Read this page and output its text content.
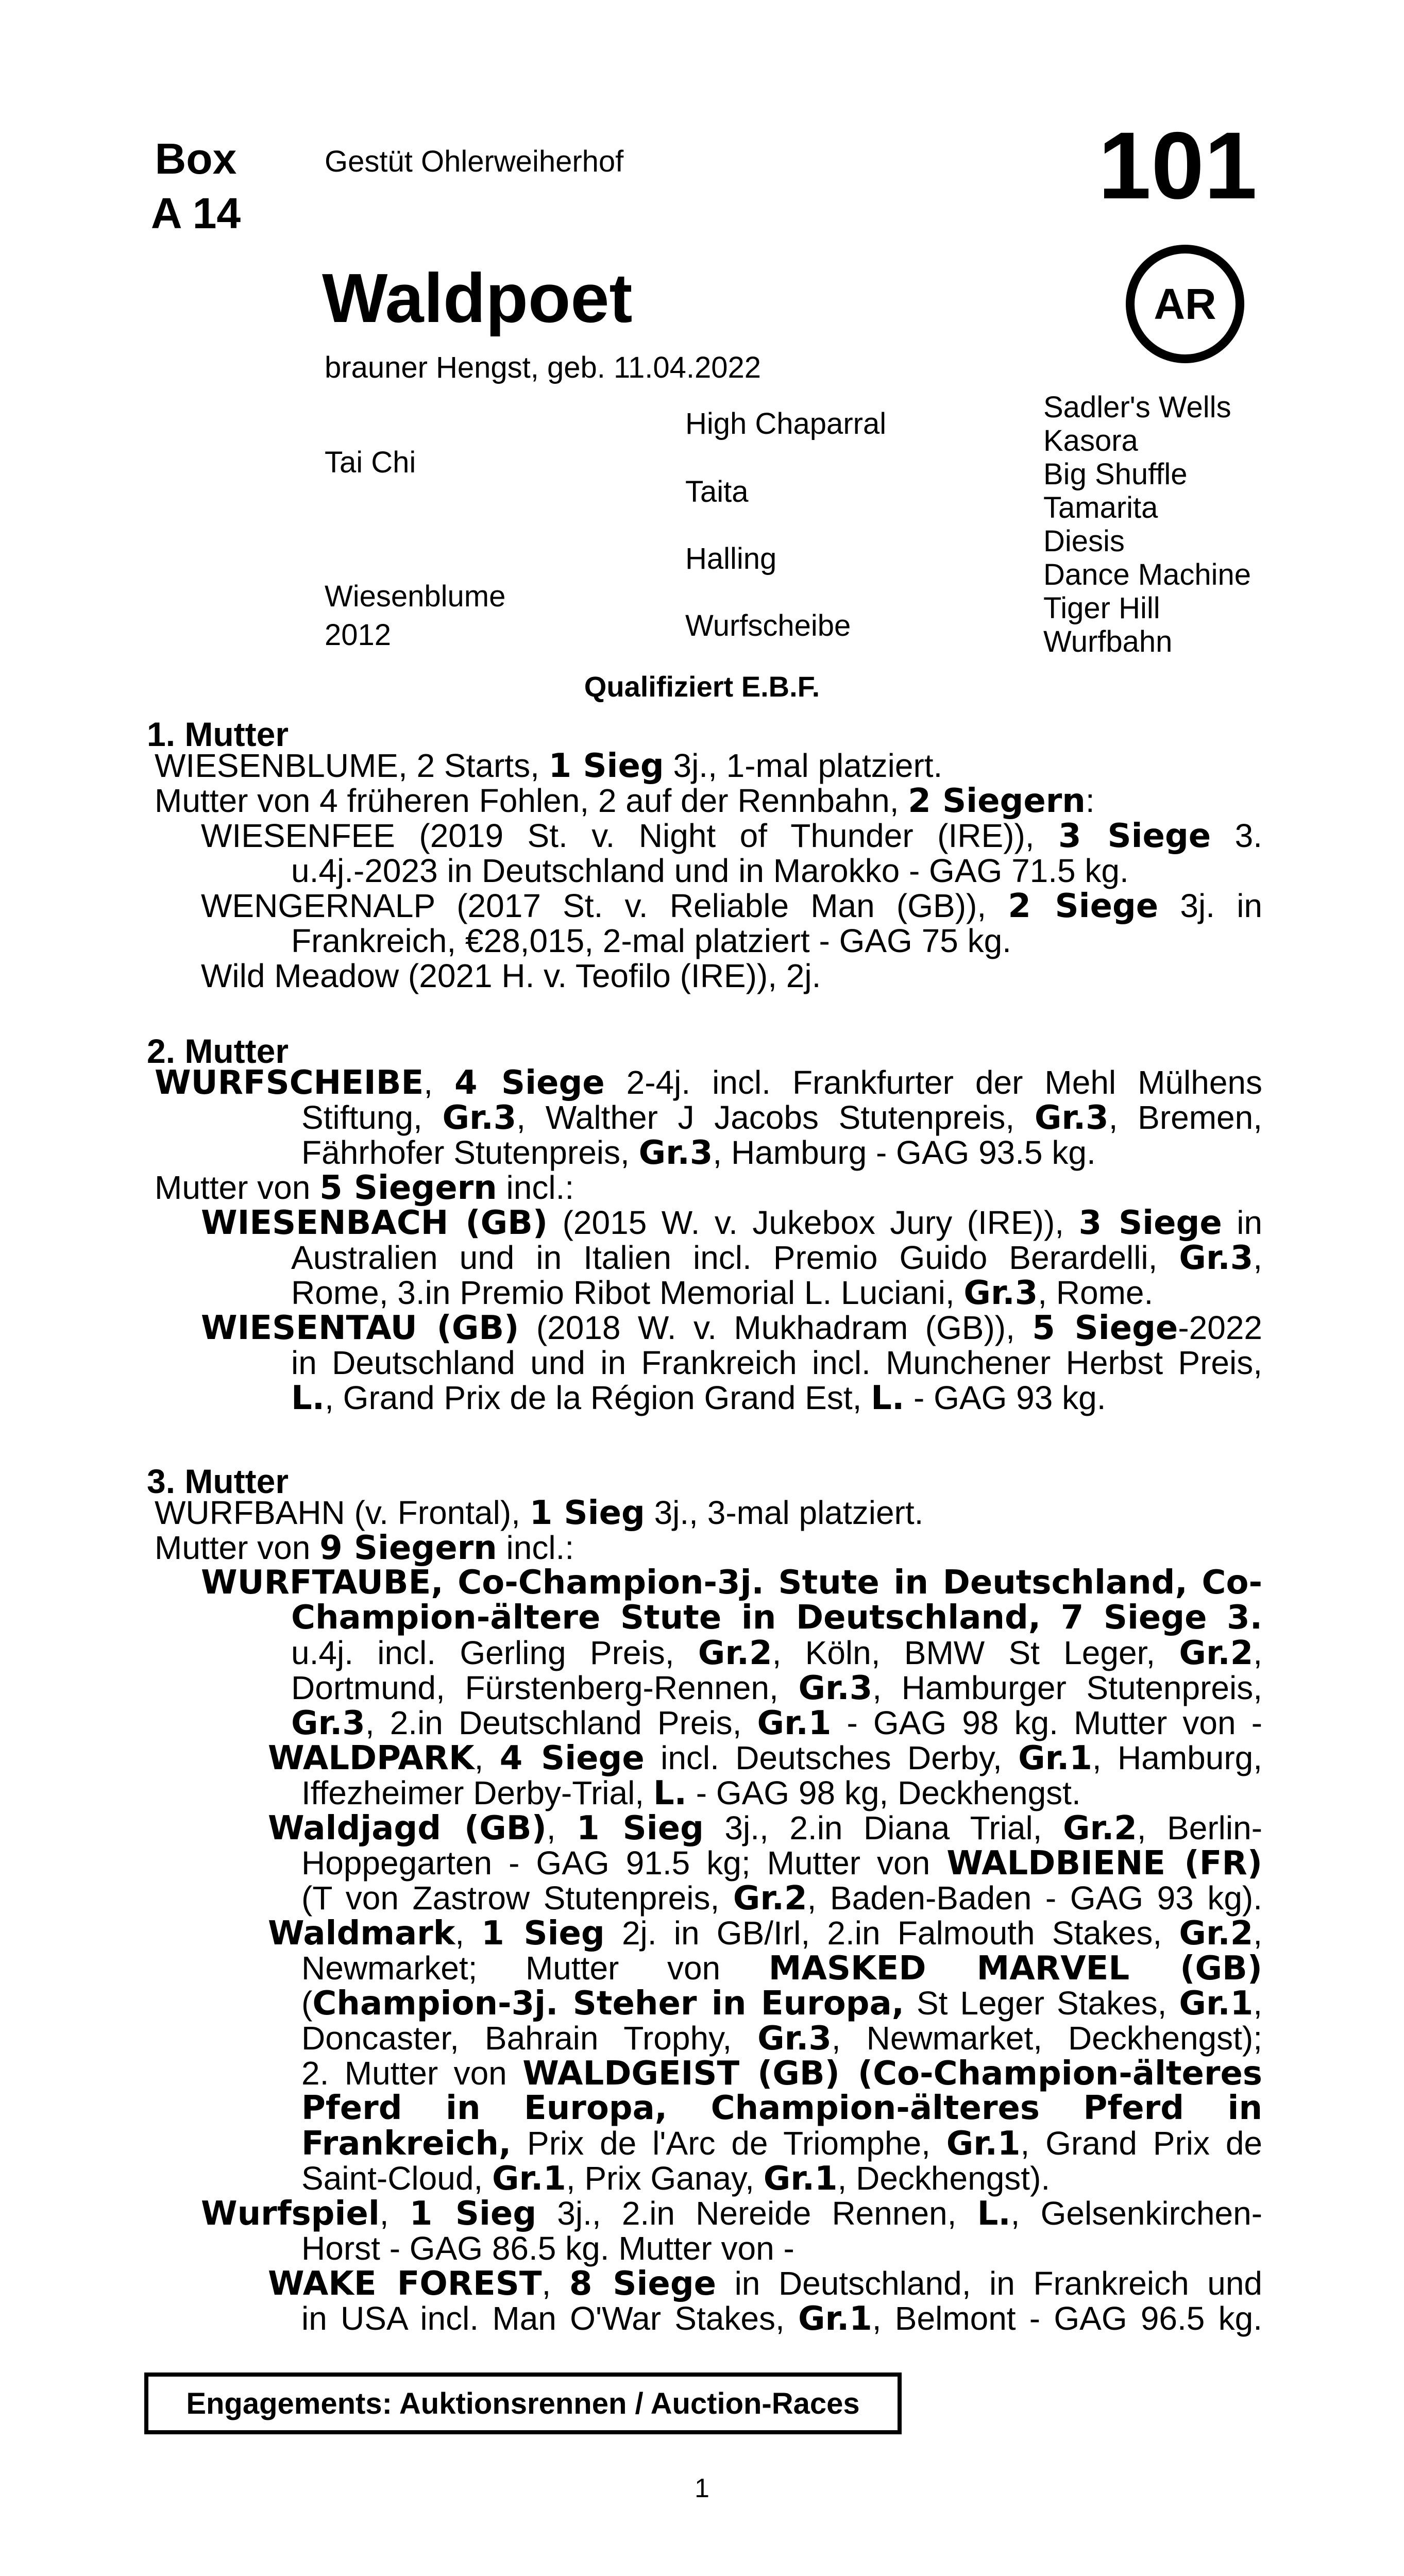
Box
A 14
Gestüt Ohlerweiherhof	101
AR
Waldpoet
brauner Hengst, geb. 11.04.2022
Tai Chi
Wiesenblume
2012
High Chaparral
Taita
Halling
Wurfscheibe
Sadler's Wells
Kasora
Big Shuffle
Tamarita
Diesis
Dance Machine
Tiger Hill
Wurfbahn
Qualifiziert E.B.F.
1. Mutter
WIESENBLUME, 2 Starts, 1 Sieg 3j., 1-mal platziert.
Mutter von 4 früheren Fohlen, 2 auf der Rennbahn, 2 Siegern:
WIESENFEE (2019 St. v. Night of Thunder (IRE)), 3 Siege 3.
u.4j.-2023 in Deutschland und in Marokko - GAG 71.5 kg.
WENGERNALP (2017 St. v. Reliable Man (GB)), 2 Siege 3j. in
Frankreich, €28,015, 2-mal platziert - GAG 75 kg.
Wild Meadow (2021 H. v. Teofilo (IRE)), 2j.
2. Mutter
WURFSCHEIBE, 4 Siege 2-4j. incl. Frankfurter der Mehl Mülhens
Stiftung, Gr.3, Walther J Jacobs Stutenpreis, Gr.3, Bremen,
Fährhofer Stutenpreis, Gr.3, Hamburg - GAG 93.5 kg.
Mutter von 5 Siegern incl.:
WIESENBACH (GB) (2015 W. v. Jukebox Jury (IRE)), 3 Siege in
Australien und in Italien incl. Premio Guido Berardelli, Gr.3,
Rome, 3.in Premio Ribot Memorial L. Luciani, Gr.3, Rome.
WIESENTAU (GB) (2018 W. v. Mukhadram (GB)), 5 Siege-2022
in Deutschland und in Frankreich incl. Munchener Herbst Preis,
L., Grand Prix de la Région Grand Est, L. - GAG 93 kg.
3. Mutter
WURFBAHN (v. Frontal), 1 Sieg 3j., 3-mal platziert.
Mutter von 9 Siegern incl.:
WURFTAUBE, Co-Champion-3j. Stute in Deutschland, Co-
Champion-ältere Stute in Deutschland, 7 Siege 3.
u.4j. incl. Gerling Preis, Gr.2, Köln, BMW St Leger, Gr.2,
Dortmund, Fürstenberg-Rennen, Gr.3, Hamburger Stutenpreis,
Gr.3, 2.in Deutschland Preis, Gr.1 - GAG 98 kg. Mutter von -
WALDPARK, 4 Siege incl. Deutsches Derby, Gr.1, Hamburg,
Iffezheimer Derby-Trial, L. - GAG 98 kg, Deckhengst.
Waldjagd (GB), 1 Sieg 3j., 2.in Diana Trial, Gr.2, Berlin-
Hoppegarten - GAG 91.5 kg; Mutter von WALDBIENE (FR)
(T von Zastrow Stutenpreis, Gr.2, Baden-Baden - GAG 93 kg).
Waldmark, 1 Sieg 2j. in GB/Irl, 2.in Falmouth Stakes, Gr.2,
Newmarket; Mutter von MASKED MARVEL (GB)
(Champion-3j. Steher in Europa, St Leger Stakes, Gr.1,
Doncaster, Bahrain Trophy, Gr.3, Newmarket, Deckhengst);
2. Mutter von WALDGEIST (GB) (Co-Champion-älteres
Pferd in Europa, Champion-älteres Pferd in
Frankreich, Prix de l'Arc de Triomphe, Gr.1, Grand Prix de
Saint-Cloud, Gr.1, Prix Ganay, Gr.1, Deckhengst).
Wurfspiel, 1 Sieg 3j., 2.in Nereide Rennen, L., Gelsenkirchen-
Horst - GAG 86.5 kg. Mutter von -
WAKE FOREST, 8 Siege in Deutschland, in Frankreich und
in USA incl. Man O'War Stakes, Gr.1, Belmont - GAG 96.5 kg.
Engagements: Auktionsrennen / Auction-Races
1
